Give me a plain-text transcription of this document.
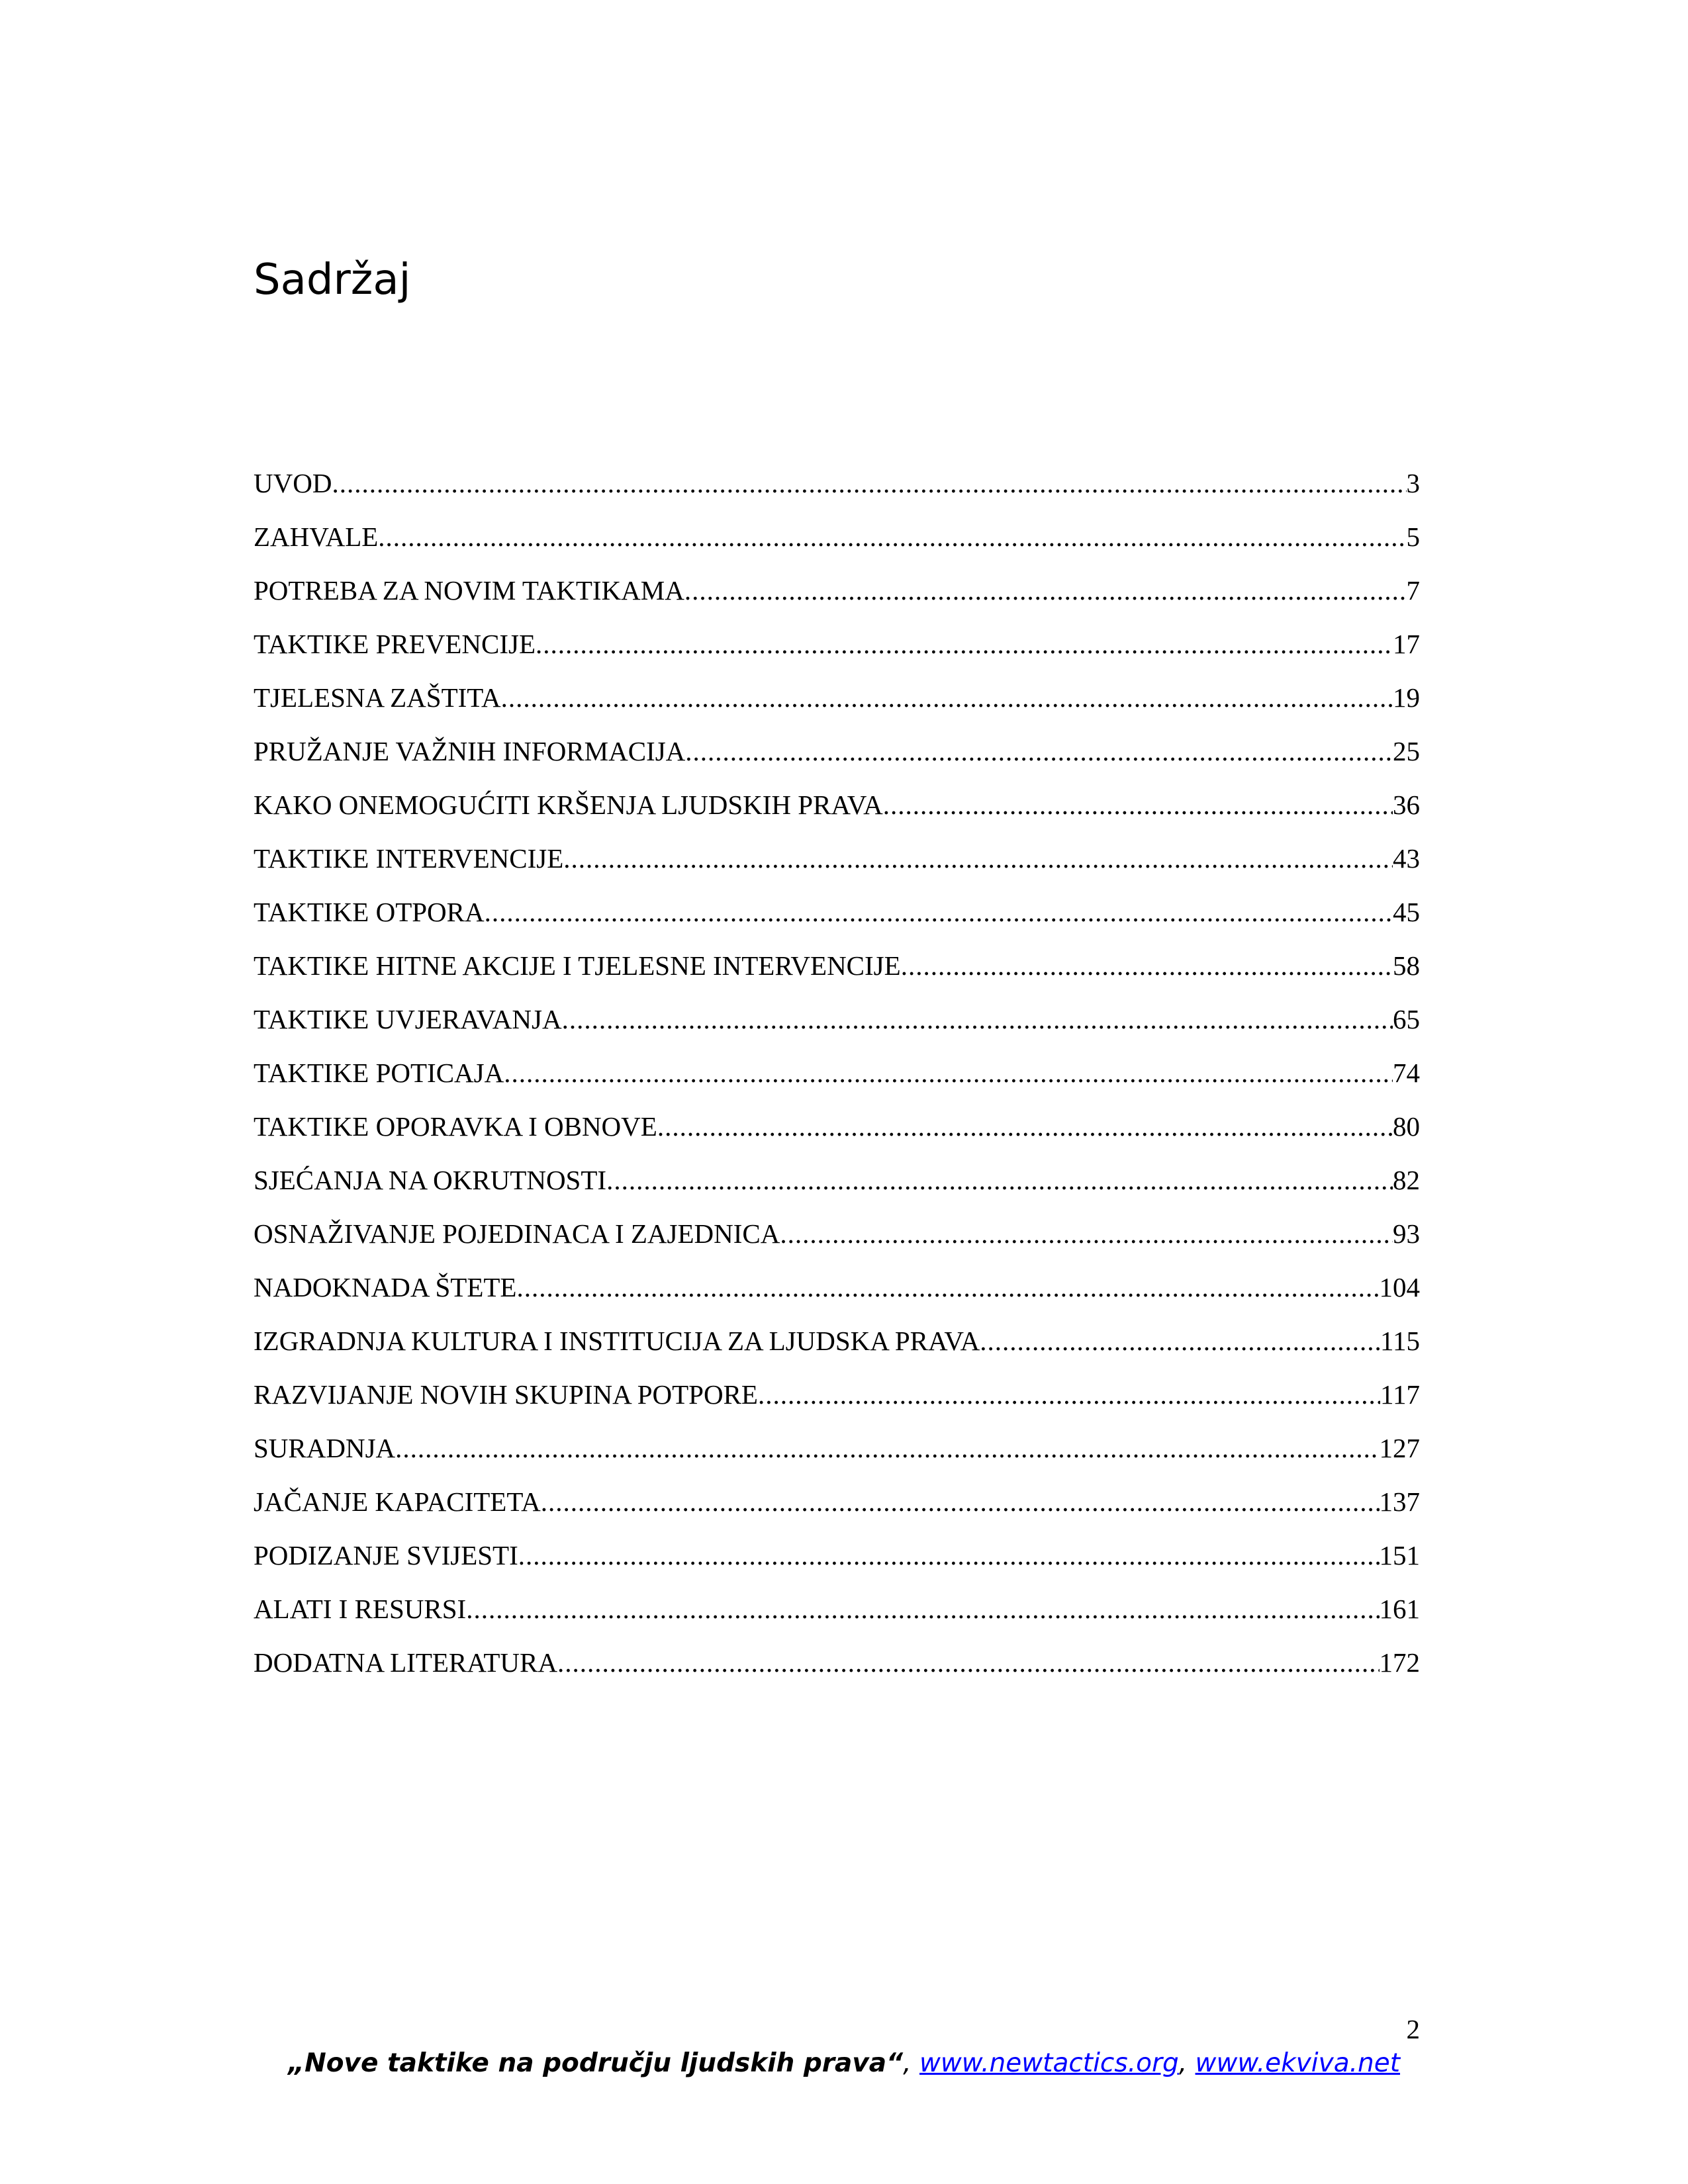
Sadržaj
UVOD .....	3
ZAHVALE .....	5
POTREBA ZA NOVIM TAKTIKAMA .....	7
TAKTIKE PREVENCIJE .....	17
TJELESNA ZAŠTITA .....	19
PRUŽANJE VAŽNIH INFORMACIJA .....	25
KAKO ONEMOGUĆITI KRŠENJA LJUDSKIH PRAVA .....	36
TAKTIKE INTERVENCIJE .....	43
TAKTIKE OTPORA .....	45
TAKTIKE HITNE AKCIJE I TJELESNE INTERVENCIJE .....	58
TAKTIKE UVJERAVANJA .....	65
TAKTIKE POTICAJA .....	74
TAKTIKE OPORAVKA I OBNOVE .....	80
SJEĆANJA NA OKRUTNOSTI .....	82
OSNAŽIVANJE POJEDINACA I ZAJEDNICA .....	93
NADOKNADA ŠTETE .....	104
IZGRADNJA KULTURA I INSTITUCIJA ZA LJUDSKA PRAVA .....	115
RAZVIJANJE NOVIH SKUPINA POTPORE .....	117
SURADNJA .....	127
JAČANJE KAPACITETA .....	137
PODIZANJE SVIJESTI .....	151
ALATI I RESURSI .....	161
DODATNA LITERATURA .....	172
2
„Nove taktike na području ljudskih prava“, www.newtactics.org, www.ekviva.net
